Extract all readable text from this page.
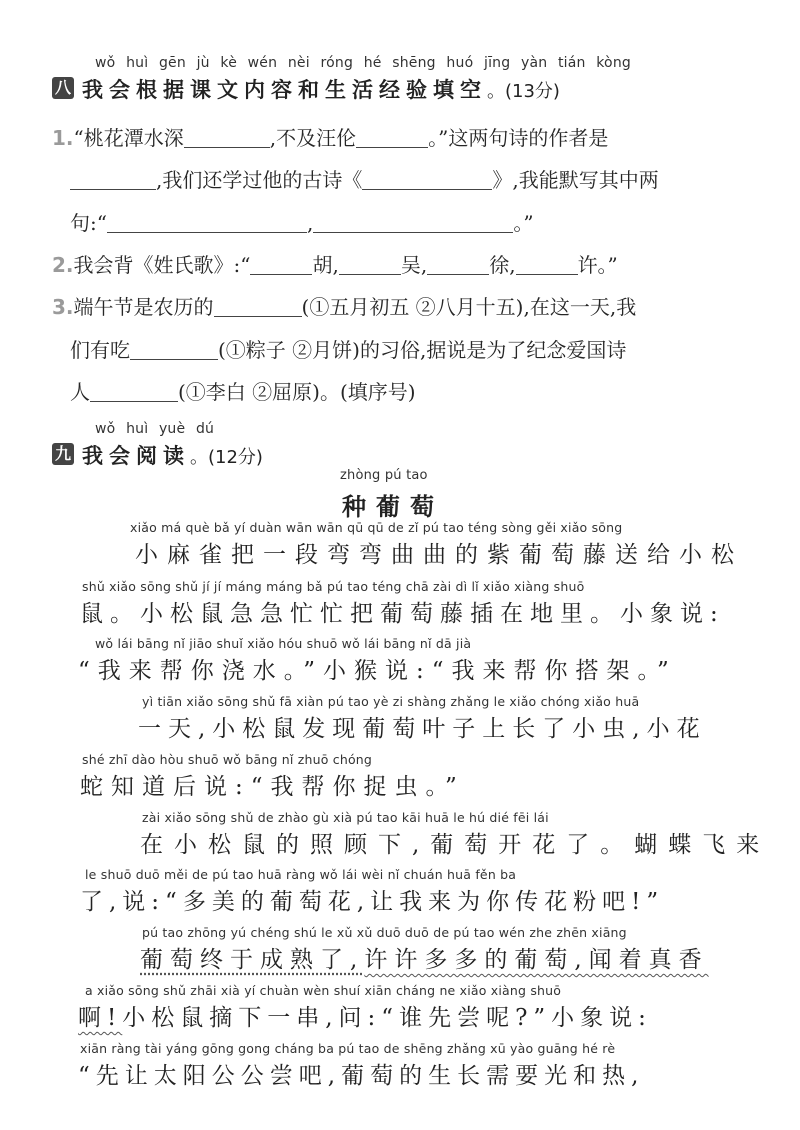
wǒ huì gēn jù kè wén nèi róng hé shēng huó jīng yàn tián kòng
八 我会根据课文内容和生活经验填空。(13分)
1.“桃花潭水深	,不及汪伦	。”这两句诗的作者是
,我们还学过他的古诗《	》,我能默写其中两
句:“	,	。”
2.我会背《姓氏歌》:“	胡,	吴,	徐,	许。”
3.端午节是农历的	(①五月初五 ②八月十五),在这一天,我
们有吃	(①粽子 ②月饼)的习俗,据说是为了纪念爱国诗
人	(①李白 ②屈原)。(填序号)
wǒ huì yuè dú
九 我会阅读。(12分)
zhòng pú tao
种葡萄
xiǎo má què bǎ yí duàn wān wān qū qū de zǐ pú tao téng sòng gěi xiǎo sōng
小麻雀把一段弯弯曲曲的紫葡萄藤送给小松
shǔ xiǎo sōng shǔ jí jí máng máng bǎ pú tao téng chā zài dì lǐ xiǎo xiàng shuō
鼠。小松鼠急急忙忙把葡萄藤插在地里。小象说:
wǒ lái bāng nǐ jiāo shuǐ xiǎo hóu shuō wǒ lái bāng nǐ dā jià
“我来帮你浇水。”小猴说:“我来帮你搭架。”
yì tiān xiǎo sōng shǔ fā xiàn pú tao yè zi shàng zhǎng le xiǎo chóng xiǎo huā
一天,小松鼠发现葡萄叶子上长了小虫,小花
shé zhī dào hòu shuō wǒ bāng nǐ zhuō chóng
蛇知道后说:“我帮你捉虫。”
zài xiǎo sōng shǔ de zhào gù xià pú tao kāi huā le hú dié fēi lái
在小松鼠的照顾下,葡萄开花了。蝴蝶飞来
le shuō duō měi de pú tao huā ràng wǒ lái wèi nǐ chuán huā fěn ba
了,说:“多美的葡萄花,让我来为你传花粉吧!”
pú tao zhōng yú chéng shú le xǔ xǔ duō duō de pú tao wén zhe zhēn xiāng
葡萄终于成熟了,许许多多的葡萄,闻着真香
a xiǎo sōng shǔ zhāi xià yí chuàn wèn shuí xiān cháng ne xiǎo xiàng shuō
啊!小松鼠摘下一串,问:“谁先尝呢?”小象说:
xiān ràng tài yáng gōng gong cháng ba pú tao de shēng zhǎng xū yào guāng hé rè
“先让太阳公公尝吧,葡萄的生长需要光和热,
